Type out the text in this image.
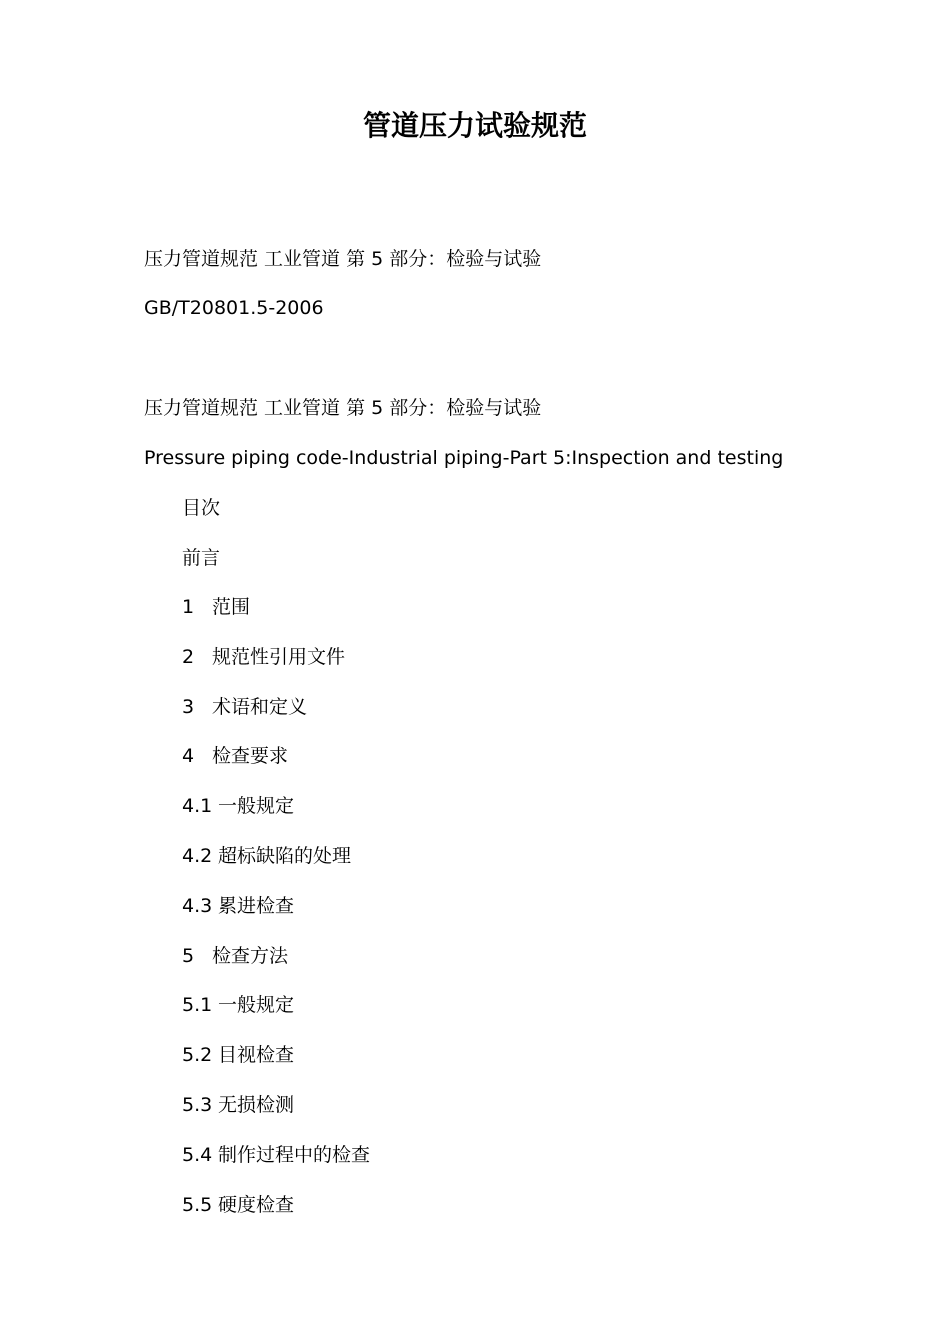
管道压力试验规范
压力管道规范 工业管道 第 5 部分：检验与试验
GB/T20801.5-2006
压力管道规范 工业管道 第 5 部分：检验与试验
Pressure piping code-Industrial piping-Part 5:Inspection and testing
目次
前言
1 范围
2 规范性引用文件
3 术语和定义
4 检查要求
4.1 一般规定
4.2 超标缺陷的处理
4.3 累进检查
5 检查方法
5.1 一般规定
5.2 目视检查
5.3 无损检测
5.4 制作过程中的检查
5.5 硬度检查
